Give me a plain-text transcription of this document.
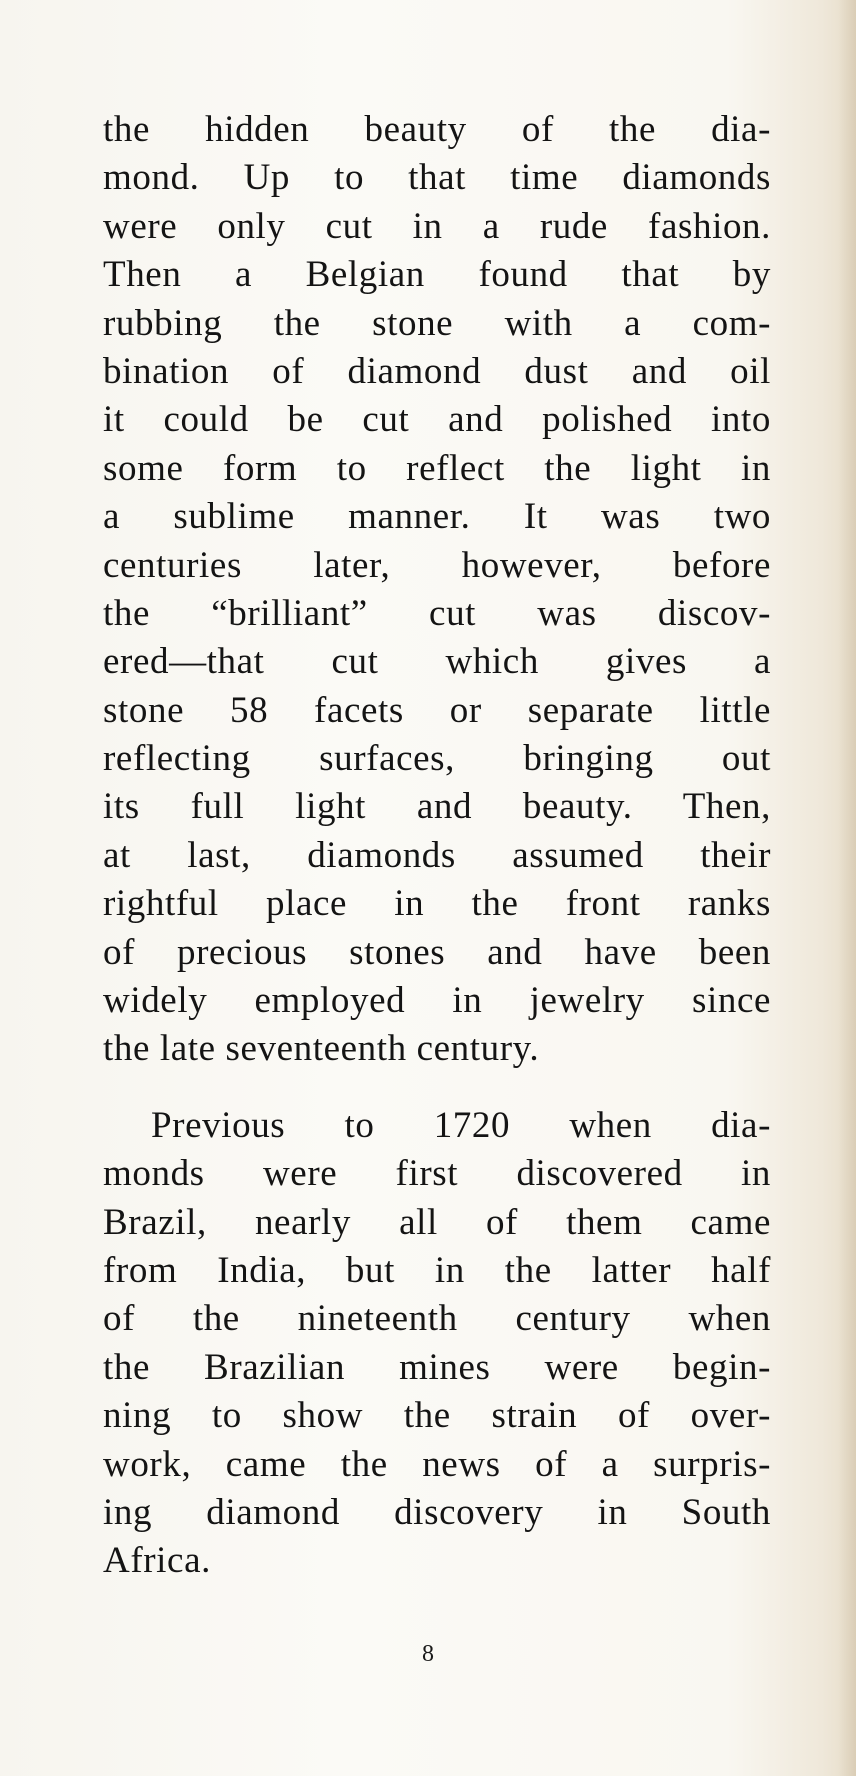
the hidden beauty of the dia-
mond. Up to that time diamonds
were only cut in a rude fashion.
Then a Belgian found that by
rubbing the stone with a com-
bination of diamond dust and oil
it could be cut and polished into
some form to reflect the light in
a sublime manner. It was two
centuries later, however, before
the “brilliant” cut was discov-
ered—that cut which gives a
stone 58 facets or separate little
reflecting surfaces, bringing out
its full light and beauty. Then,
at last, diamonds assumed their
rightful place in the front ranks
of precious stones and have been
widely employed in jewelry since
the late seventeenth century.
Previous to 1720 when dia-
monds were first discovered in
Brazil, nearly all of them came
from India, but in the latter half
of the nineteenth century when
the Brazilian mines were begin-
ning to show the strain of over-
work, came the news of a surpris-
ing diamond discovery in South
Africa.
8
